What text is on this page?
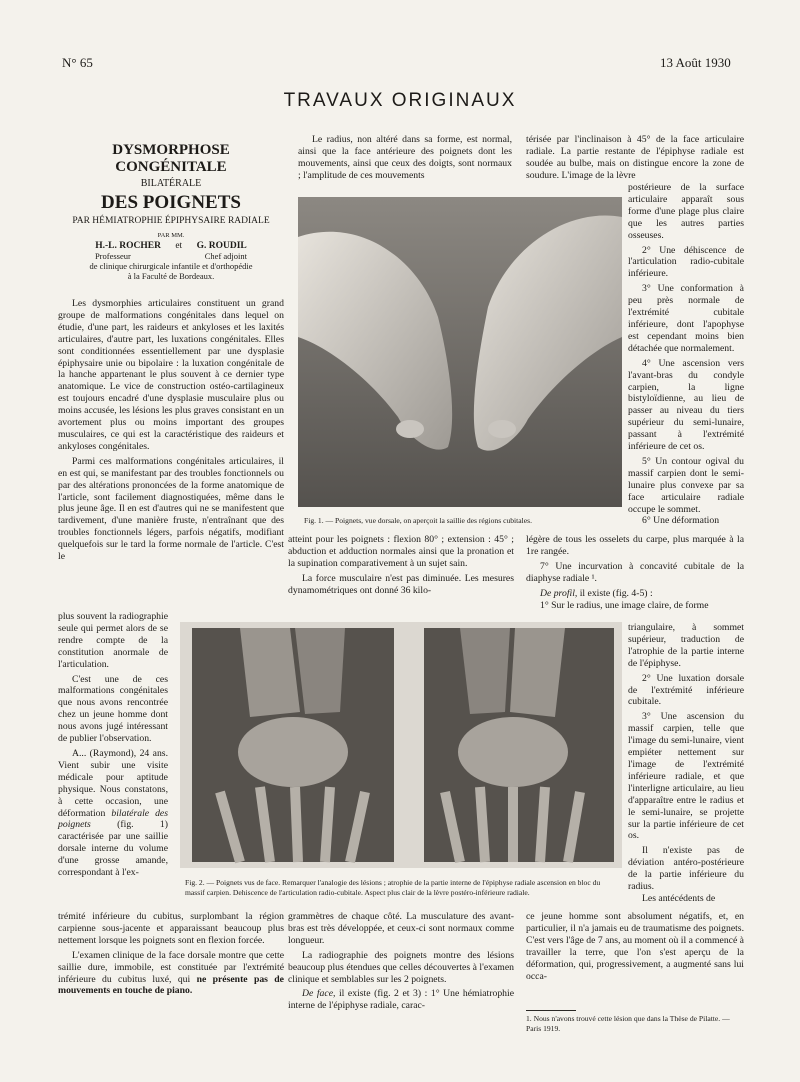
N° 65	13 Août 1930
TRAVAUX ORIGINAUX
DYSMORPHOSE CONGÉNITALE
BILATÉRALE
DES POIGNETS
PAR HÉMIATROPHIE ÉPIPHYSAIRE RADIALE
PAR MM.
H.-L. ROCHER et G. ROUDIL
Professeur	Chef adjoint
de clinique chirurgicale infantile et d'orthopédie
à la Faculté de Bordeaux.

Les dysmorphies articulaires constituent un grand groupe de malformations congénitales dans lequel on étudie, d'une part, les raideurs et ankyloses et les laxités articulaires, d'autre part, les luxations congénitales. Elles sont conditionnées essentiellement par une dysplasie épiphysaire unie ou bipolaire : la luxation congénitale de la hanche appartenant le plus souvent à ce dernier type anatomique. Le vice de construction ostéo-cartilagineux est toujours encadré d'une dysplasie musculaire plus ou moins accusée, les lésions les plus graves consistant en un avortement plus ou moins important des groupes musculaires, ce qui est la caractéristique des raideurs et ankyloses congénitales.

Parmi ces malformations congénitales articulaires, il en est qui, se manifestant par des troubles fonctionnels ou par des altérations prononcées de la forme anatomique de l'article, sont facilement diagnostiquées, même dans le plus jeune âge. Il en est d'autres qui ne se manifestent que tardivement, d'une manière fruste, n'entraînant que des troubles fonctionnels légers, parfois négatifs, modifiant quelquefois sur le tard la forme normale de l'article. C'est le

plus souvent la radiographie seule qui permet alors de se rendre compte de la constitution anormale de l'articulation.

C'est une de ces malformations congénitales que nous avons rencontrée chez un jeune homme dont nous avons jugé intéressant de publier l'observation.

A... (Raymond), 24 ans. Vient subir une visite médicale pour aptitude physique. Nous constatons, à cette occasion, une déformation bilatérale des poignets	(fig. 1) caractérisée par une saillie dorsale interne du volume d'une grosse amande, correspondant à l'ex-

trémité inférieure du cubitus, surplombant la région carpienne sous-jacente et apparaissant beaucoup plus nettement lorsque les poignets sont en flexion forcée.

L'examen clinique de la face dorsale montre que cette saillie dure, immobile, est constituée par l'extrémité inférieure du cubitus luxé, qui ne présente pas de mouvements en touche de piano.

Le radius, non altéré dans sa forme, est normal, ainsi que la face antérieure des poignets dont les mouvements, ainsi que ceux des doigts, sont normaux ; l'amplitude de ces mouvements

atteint pour les poignets : flexion 80° ; extension : 45° ; abduction et adduction normales ainsi que la pronation et la supination comparativement à un sujet sain.

La force musculaire n'est pas diminuée. Les mesures dynamométriques ont donné 36 kilo-

grammètres de chaque côté. La musculature des avant-bras est très développée, et ceux-ci sont normaux comme longueur.

La radiographie des poignets montre des lésions beaucoup plus étendues que celles découvertes à l'examen clinique et semblables sur les 2 poignets.

De face, il existe (fig. 2 et 3) : 1° Une hémiatrophie interne de l'épiphyse radiale, carac-

térisée par l'inclinaison à 45° de la face articulaire radiale. La partie restante de l'épiphyse radiale est soudée au bulbe, mais on distingue encore la zone de soudure. L'image de la lèvre

postérieure de la surface articulaire apparaît sous forme d'une plage plus claire que les autres parties osseuses.

2° Une déhiscence de l'articulation radio-cubitale inférieure.

3° Une conformation à peu près normale de l'extrémité cubitale inférieure, dont l'apophyse est cependant moins bien détachée que normalement.

4° Une ascension vers l'avant-bras du condyle carpien, la ligne bistyloïdienne, au lieu de passer au niveau du tiers supérieur du semi-lunaire, passant à l'extrémité inférieure de cet os.

5° Un contour ogival du massif carpien dont le semi-lunaire plus convexe par sa face articulaire radiale occupe le sommet.

6° Une déformation

légère de tous les osselets du carpe, plus marquée à la 1re rangée.

7° Une incurvation à concavité cubitale de la diaphyse radiale ¹.

De profil, il existe (fig. 4-5) :

1° Sur le radius, une image claire, de forme

triangulaire, à sommet supérieur, traduction de l'atrophie de la partie interne de l'épiphyse.

2° Une luxation dorsale de l'extrémité inférieure cubitale.

3° Une ascension du massif carpien, telle que l'image du semi-lunaire, vient empiéter nettement sur l'image de l'extrémité inférieure radiale, et que l'interligne articulaire, au lieu d'apparaître entre le radius et le semi-lunaire, se projette sur la partie inférieure de cet os.

Il n'existe pas de déviation antéro-postérieure de la partie inférieure du radius.

Les antécédents de

ce jeune homme sont absolument négatifs, et, en particulier, il n'a jamais eu de traumatisme des poignets. C'est vers l'âge de 7 ans, au moment où il a commencé à travailler la terre, que l'on s'est aperçu de la déformation, qui, progressivement, a augmenté sans lui occa-

1. Nous n'avons trouvé cette lésion que dans la Thèse de Pilatte. — Paris 1919.
Fig. 1. — Poignets, vue dorsale, on aperçoit la saillie des régions cubitales.
Fig. 2. — Poignets vus de face. Remarquer l'analogie des lésions ; atrophie de la partie interne de l'épiphyse radiale ascension en bloc du massif carpien. Dehiscence de l'articulation radio-cubitale. Aspect plus clair de la lèvre postéro-inférieure radiale.
